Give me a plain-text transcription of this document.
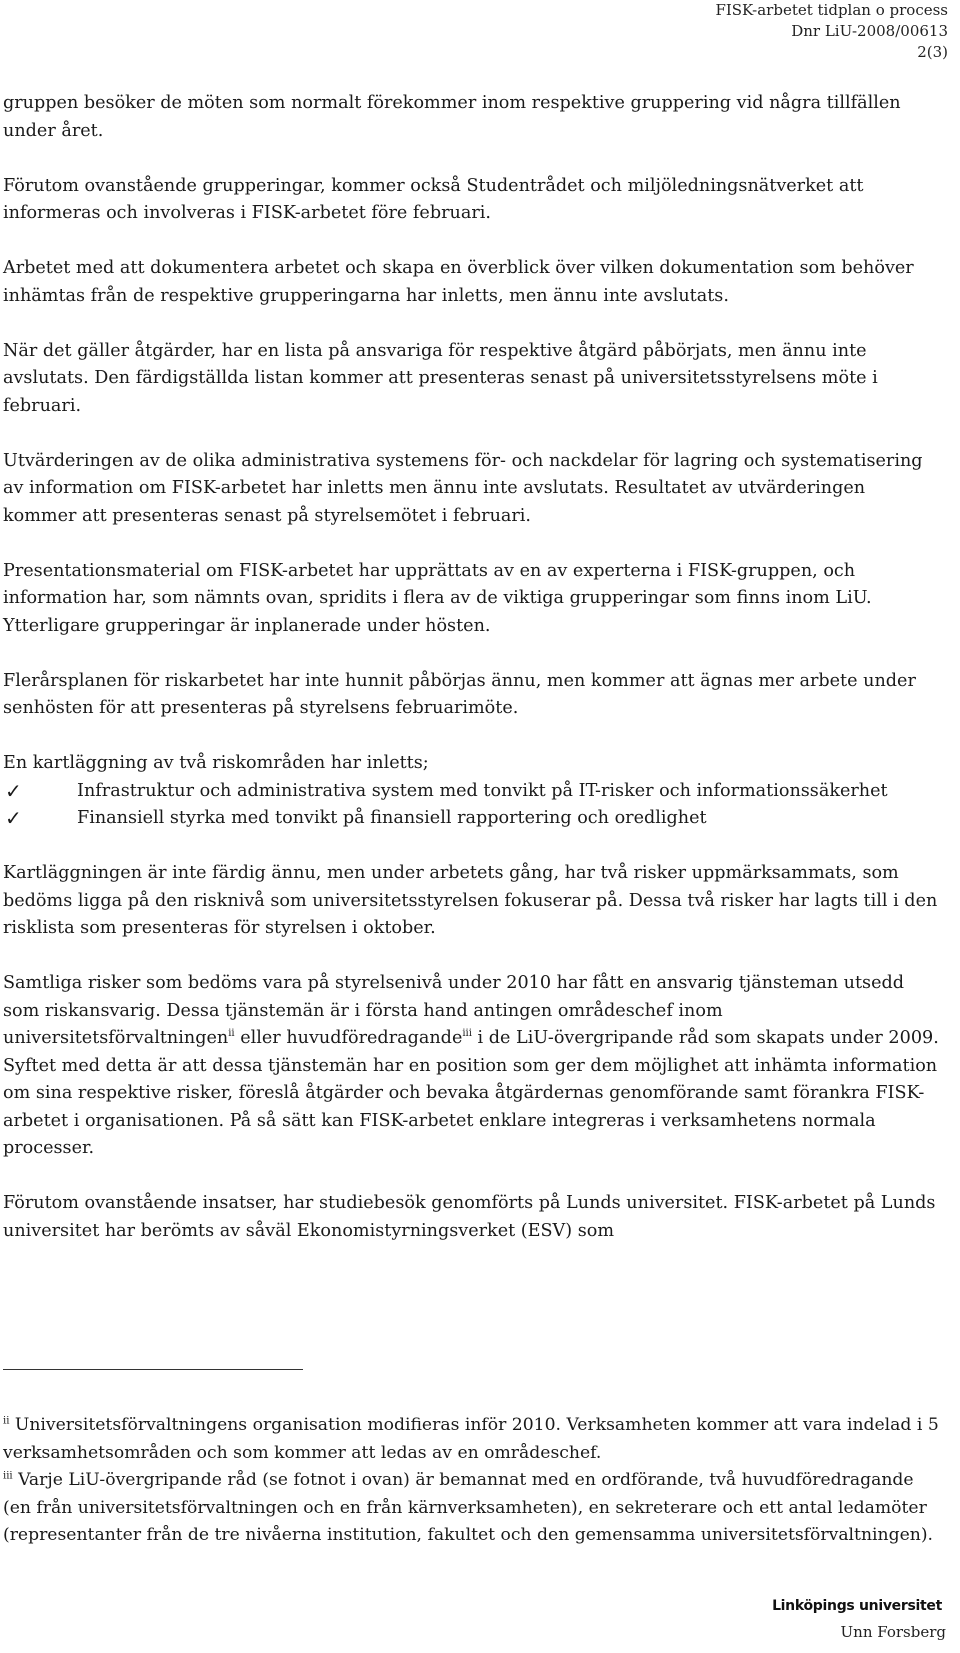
FISK-arbetet tidplan o process
Dnr LiU-2008/00613
2(3)

gruppen besöker de möten som normalt förekommer inom respektive gruppering vid några tillfällen under året.

Förutom ovanstående grupperingar, kommer också Studentrådet och miljöledningsnätverket att informeras och involveras i FISK-arbetet före februari.

Arbetet med att dokumentera arbetet och skapa en överblick över vilken dokumentation som behöver inhämtas från de respektive grupperingarna har inletts, men ännu inte avslutats.

När det gäller åtgärder, har en lista på ansvariga för respektive åtgärd påbörjats, men ännu inte avslutats. Den färdigställda listan kommer att presenteras senast på universitetsstyrelsens möte i februari.

Utvärderingen av de olika administrativa systemens för- och nackdelar för lagring och systematisering av information om FISK-arbetet har inletts men ännu inte avslutats. Resultatet av utvärderingen kommer att presenteras senast på styrelsemötet i februari.

Presentationsmaterial om FISK-arbetet har upprättats av en av experterna i FISK-gruppen, och information har, som nämnts ovan, spridits i flera av de viktiga grupperingar som finns inom LiU. Ytterligare grupperingar är inplanerade under hösten.

Flerårsplanen för riskarbetet har inte hunnit påbörjas ännu, men kommer att ägnas mer arbete under senhösten för att presenteras på styrelsens februarimöte.

En kartläggning av två riskområden har inletts;

✓	Infrastruktur och administrativa system med tonvikt på IT-risker och informationssäkerhet
✓	Finansiell styrka med tonvikt på finansiell rapportering och oredlighet

Kartläggningen är inte färdig ännu, men under arbetets gång, har två risker uppmärksammats, som bedöms ligga på den risknivå som universitetsstyrelsen fokuserar på. Dessa två risker har lagts till i den risklista som presenteras för styrelsen i oktober.

Samtliga risker som bedöms vara på styrelsenivå under 2010 har fått en ansvarig tjänsteman utsedd som riskansvarig. Dessa tjänstemän är i första hand antingen områdeschef inom universitetsförvaltningen$^{ii}$ eller huvudföredragande$^{iii}$ i de LiU-övergripande råd som skapats under 2009. Syftet med detta är att dessa tjänstemän har en position som ger dem möjlighet att inhämta information om sina respektive risker, föreslå åtgärder och bevaka åtgärdernas genomförande samt förankra FISK-arbetet i organisationen. På så sätt kan FISK-arbetet enklare integreras i verksamhetens normala processer.

Förutom ovanstående insatser, har studiebesök genomförts på Lunds universitet. FISK-arbetet på Lunds universitet har berömts av såväl Ekonomistyrningsverket (ESV) som

$^{ii}$ Universitetsförvaltningens organisation modifieras inför 2010. Verksamheten kommer att vara indelad i 5 verksamhetsområden och som kommer att ledas av en områdeschef.

$^{iii}$ Varje LiU-övergripande råd (se fotnot i ovan) är bemannat med en ordförande, två huvudföredragande (en från universitetsförvaltningen och en från kärnverksamheten), en sekreterare och ett antal ledamöter (representanter från de tre nivåerna institution, fakultet och den gemensamma universitetsförvaltningen).

Linköpings universitet
Unn Forsberg
